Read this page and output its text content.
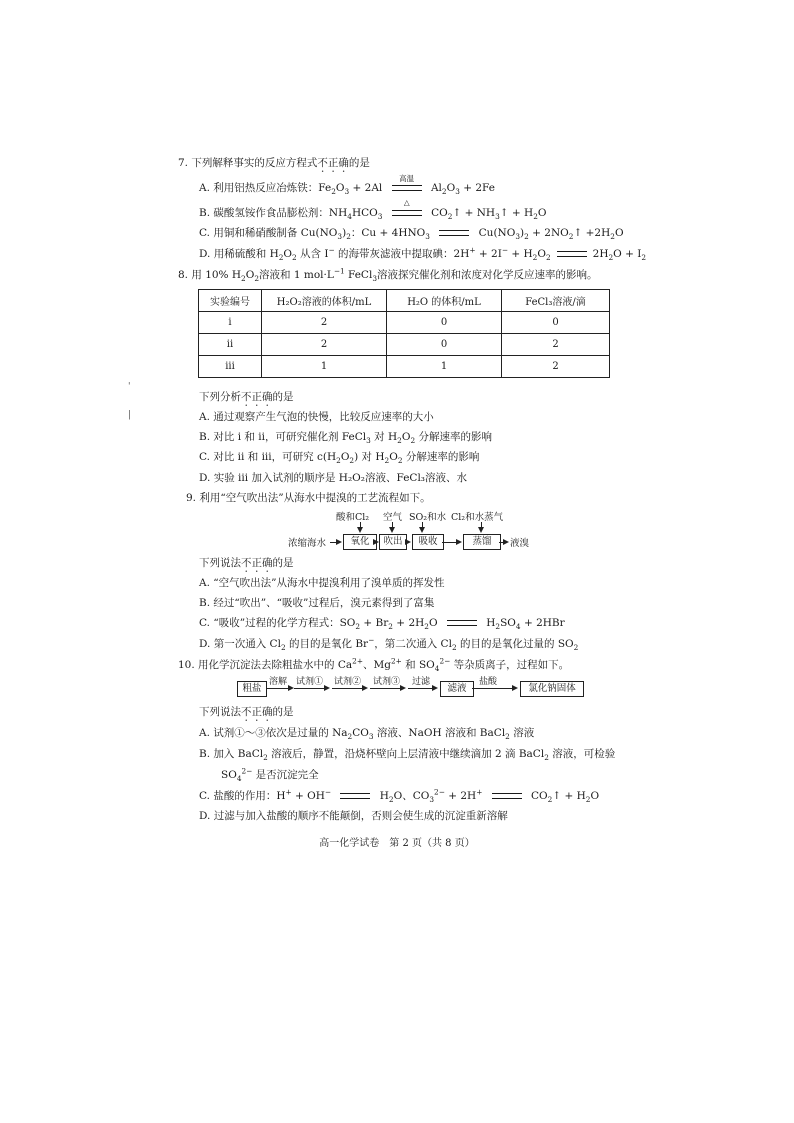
'
|
7. 下列解释事实的反应方程式不正确的是
A. 利用铝热反应冶炼铁：$Fe_2O_3 + 2Al$
高温
$Al_2O_3 + 2Fe$
B. 碳酸氢铵作食品膨松剂：$NH_4HCO_3$
△
$CO_2↑$ + $NH_3↑ + H_2O$
C. 用铜和稀硝酸制备 $Cu(NO_3)_2$：$Cu + 4HNO_3$	$Cu(NO_3)_2$ + $2NO_2↑ +2H_2O$
D. 用稀硫酸和 $H_2O_2$ 从含 I− 的海带灰滤液中提取碘：$2H^+ + 2I^- + H_2O_2$	$2H_2O + I_2$
8. 用 10% $H_2O_2$溶液和 1 $mol\cdot L^{-1}$ FeCl$_3$溶液探究催化剂和浓度对化学反应速率的影响。
实验编号	H₂O₂溶液的体积/mL	H₂O 的体积/mL	FeCl₃溶液/滴
i	2	0	0
ii	2	0	2
iii	1	1	2
下列分析不正确的是
A. 通过观察产生气泡的快慢，比较反应速率的大小
B. 对比 i 和 ii，可研究催化剂 FeCl$_3$ 对 $H_2O_2$ 分解速率的影响
C. 对比 ii 和 iii，可研究 $c(H_2O_2)$ 对 $H_2O_2$ 分解速率的影响
D. 实验 iii 加入试剂的顺序是 H₂O₂溶液、FeCl₃溶液、水
9. 利用“空气吹出法”从海水中提溴的工艺流程如下。
酸和Cl₂ 空气 SO₂和水 Cl₂和水蒸气
浓缩海水	氧化	吹出	吸收	蒸馏	液溴
下列说法不正确的是
A. “空气吹出法”从海水中提溴利用了溴单质的挥发性
B. 经过“吹出”、“吸收”过程后，溴元素得到了富集
C. “吸收”过程的化学方程式：$SO_2 + Br_2 + 2H_2O$	$H_2SO_4 + 2HBr$
D. 第一次通入 $Cl_2$ 的目的是氧化 Br−，第二次通入 $Cl_2$ 的目的是氧化过量的 $SO_2$
10. 用化学沉淀法去除粗盐水中的 $Ca^{2+}$、$Mg^{2+}$ 和 $SO_4^{2-}$ 等杂质离子，过程如下。
粗盐
溶解 试剂① 试剂② 试剂③ 过滤
滤液
盐酸
氯化钠固体
下列说法不正确的是
A. 试剂①～③依次是过量的 $Na_2CO_3$ 溶液、NaOH 溶液和 BaCl$_2$ 溶液
B. 加入 BaCl$_2$ 溶液后，静置，沿烧杯壁向上层清液中继续滴加 2 滴 BaCl$_2$ 溶液，可检验
$SO_4^{2-}$ 是否沉淀完全
C. 盐酸的作用：H+ + OH−	$H_2O$、$CO_3^{2-} + 2H^+$	$CO_2↑ + H_2O$
D. 过滤与加入盐酸的顺序不能颠倒，否则会使生成的沉淀重新溶解
高一化学试卷　第 2 页（共 8 页）
